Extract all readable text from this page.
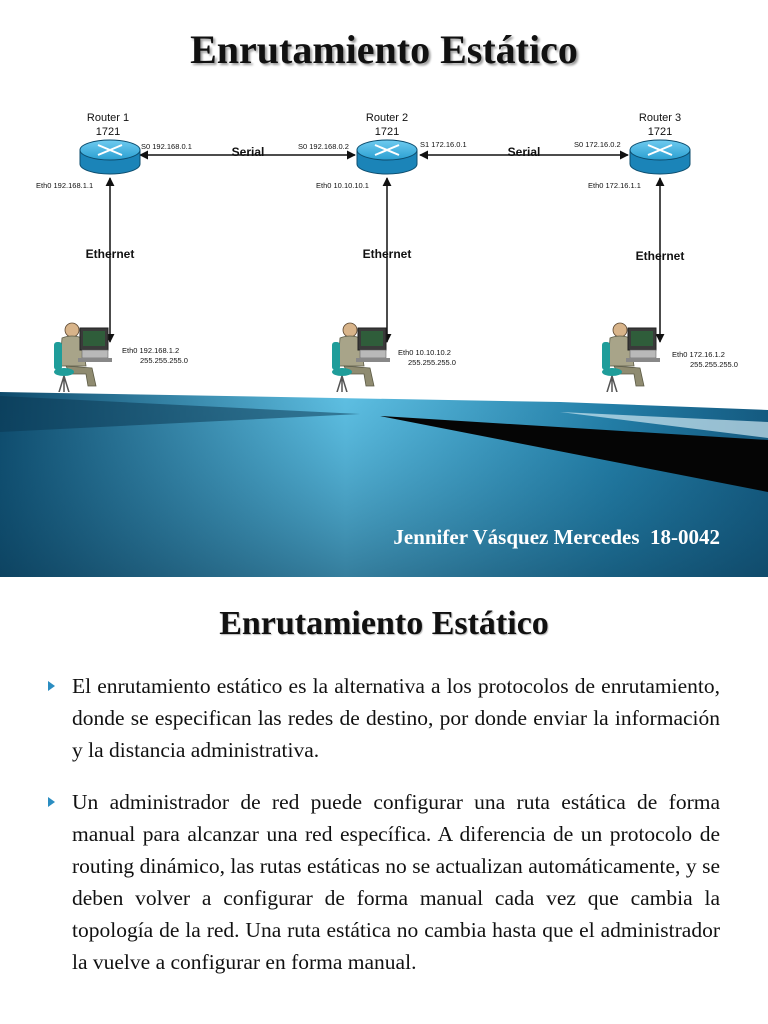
Enrutamiento Estático
Router 1
1721
Router 2
1721
Router 3
1721
Serial	Serial
S0 192.168.0.1	S0 192.168.0.2	S1 172.16.0.1	S0 172.16.0.2
Eth0 192.168.1.1	Eth0 10.10.10.1	Eth0 172.16.1.1
Ethernet	Ethernet	Ethernet
Eth0 192.168.1.2
255.255.255.0
Eth0 10.10.10.2
255.255.255.0
Eth0 172.16.1.2
255.255.255.0
Jennifer Vásquez Mercedes  18-0042
Enrutamiento Estático
El enrutamiento estático es la alternativa a los protocolos de enrutamiento, donde se especifican las redes de destino, por donde enviar la información y la distancia administrativa.
Un administrador de red puede configurar una ruta estática de forma manual para alcanzar una red específica. A diferencia de un protocolo de routing dinámico, las rutas estáticas no se actualizan automáticamente, y se deben volver a configurar de forma manual cada vez que cambia la topología de la red. Una ruta estática no cambia hasta que el administrador la vuelve a configurar en forma manual.
